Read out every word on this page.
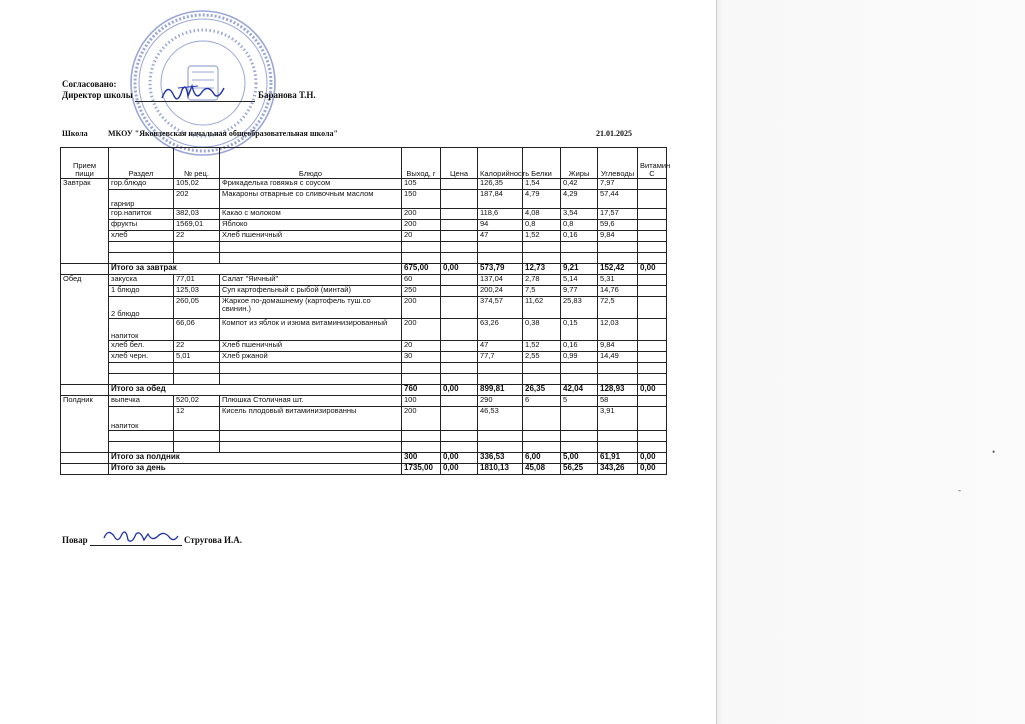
Согласовано:
Директор школы	Баранова Т.Н.
Школа	МКОУ "Яковлевская начальная общеобразовательная школа"	21.01.2025
Прием пищи	Раздел	№ рец.	Блюдо	Выход, г	Цена	Калорийность	Белки	Жиры	Углеводы	Витамин С
Завтрак	гор.блюдо	105,02	Фрикаделька говяжья с соусом	105		126,35	1,54	0,42	7,97	
	гарнир	202	Макароны отварные со сливочным маслом	150		187,84	4,79	4,29	57,44	
	гор.напиток	382,03	Какао с молоком	200		118,6	4,08	3,54	17,57	
	фрукты	1569,01	Яблоко	200		94	0,8	0,8	59,6	
	хлеб	22	Хлеб пшеничный	20		47	1,52	0,16	9,84	

	Итого за завтрак			675,00	0,00	573,79	12,73	9,21	152,42	0,00
Обед	закуска	77,01	Салат "Яичный"	60		137,04	2,78	5,14	5,31	
	1 блюдо	125,03	Суп картофельный с рыбой (минтай)	250		200,24	7,5	9,77	14,76	
	2 блюдо	260,05	Жаркое по-домашнему (картофель туш.со свинин.)	200		374,57	11,62	25,83	72,5	
	напиток	66,06	Компот из яблок и изюма витаминизированный	200		63,26	0,38	0,15	12,03	
	хлеб бел.	22	Хлеб пшеничный	20		47	1,52	0,16	9,84	
	хлеб черн.	5,01	Хлеб ржаной	30		77,7	2,55	0,99	14,49	

	Итого за обед			760	0,00	899,81	26,35	42,04	128,93	0,00
Полдник	выпечка	520,02	Плюшка Столичная шт.	100		290	6	5	58	
	напиток	12	Кисель плодовый витаминизированны	200		46,53			3,91	

	Итого за полдник			300	0,00	336,53	6,00	5,00	61,91	0,00
	Итого за день			1735,00	0,00	1810,13	45,08	56,25	343,26	0,00
Повар	Стругова И.А.
•
-
